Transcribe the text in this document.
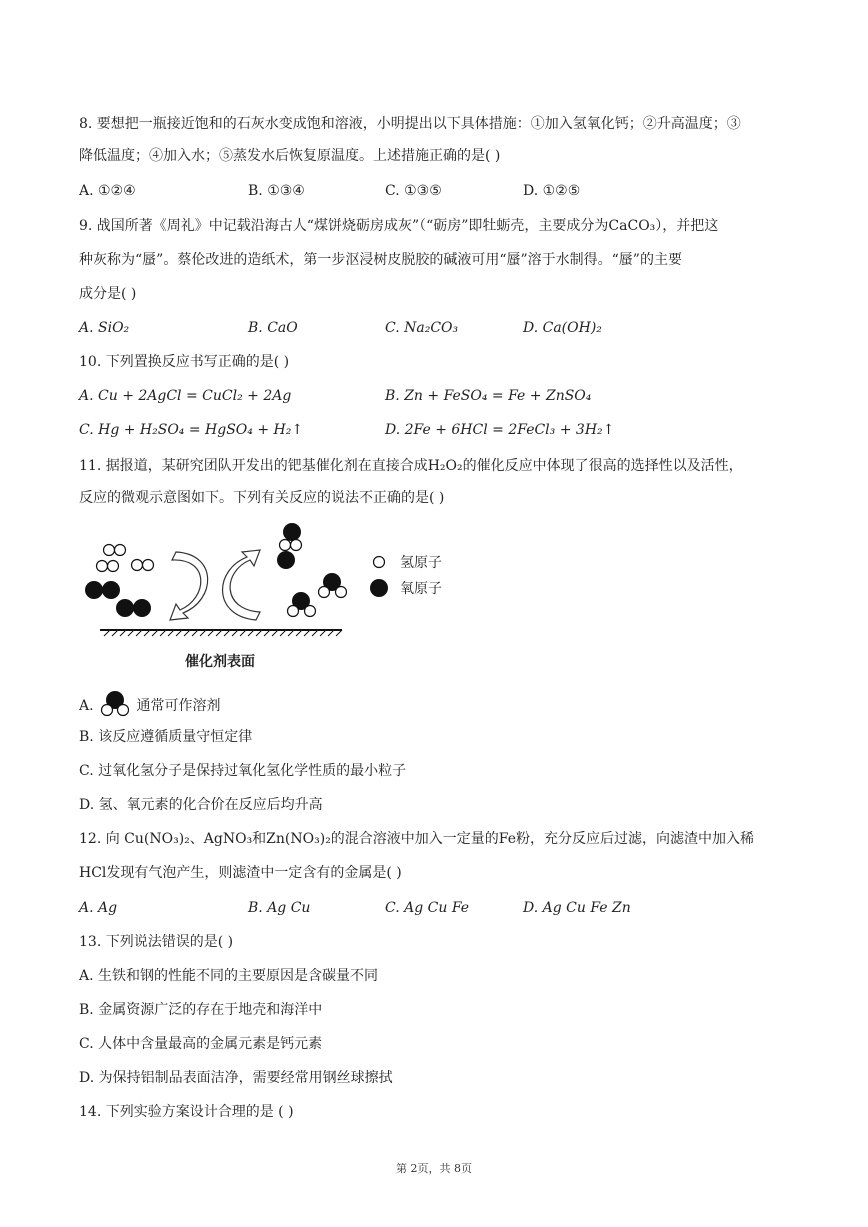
8. 要想把一瓶接近饱和的石灰水变成饱和溶液，小明提出以下具体措施：①加入氢氧化钙；②升高温度；③
降低温度；④加入水；⑤蒸发水后恢复原温度。上述措施正确的是( )
A. ①②④	B. ①③④	C. ①③⑤	D. ①②⑤
9. 战国所著《周礼》中记载沿海古人“煤饼烧砺房成灰”（“砺房”即牡蛎壳，主要成分为CaCO₃），并把这
种灰称为“蜃”。蔡伦改进的造纸术，第一步沤浸树皮脱胶的碱液可用“蜃”溶于水制得。“蜃”的主要
成分是( )
A. SiO₂	B. CaO	C. Na₂CO₃	D. Ca(OH)₂
10. 下列置换反应书写正确的是( )
A. Cu + 2AgCl = CuCl₂ + 2Ag	B. Zn + FeSO₄ = Fe + ZnSO₄
C. Hg + H₂SO₄ = HgSO₄ + H₂↑	D. 2Fe + 6HCl = 2FeCl₃ + 3H₂↑
11. 据报道，某研究团队开发出的钯基催化剂在直接合成H₂O₂的催化反应中体现了很高的选择性以及活性，
反应的微观示意图如下。下列有关反应的说法不正确的是( )
氢原子
氧原子
催化剂表面
A.	通常可作溶剂
B. 该反应遵循质量守恒定律
C. 过氧化氢分子是保持过氧化氢化学性质的最小粒子
D. 氢、氧元素的化合价在反应后均升高
12. 向 Cu(NO₃)₂、AgNO₃和Zn(NO₃)₂的混合溶液中加入一定量的Fe粉，充分反应后过滤，向滤渣中加入稀
HCl发现有气泡产生，则滤渣中一定含有的金属是( )
A. Ag	B. Ag Cu	C. Ag Cu Fe	D. Ag Cu Fe Zn
13. 下列说法错误的是( )
A. 生铁和钢的性能不同的主要原因是含碳量不同
B. 金属资源广泛的存在于地壳和海洋中
C. 人体中含量最高的金属元素是钙元素
D. 为保持铝制品表面洁净，需要经常用钢丝球擦拭
14. 下列实验方案设计合理的是 ( )
第 2页，共 8页
